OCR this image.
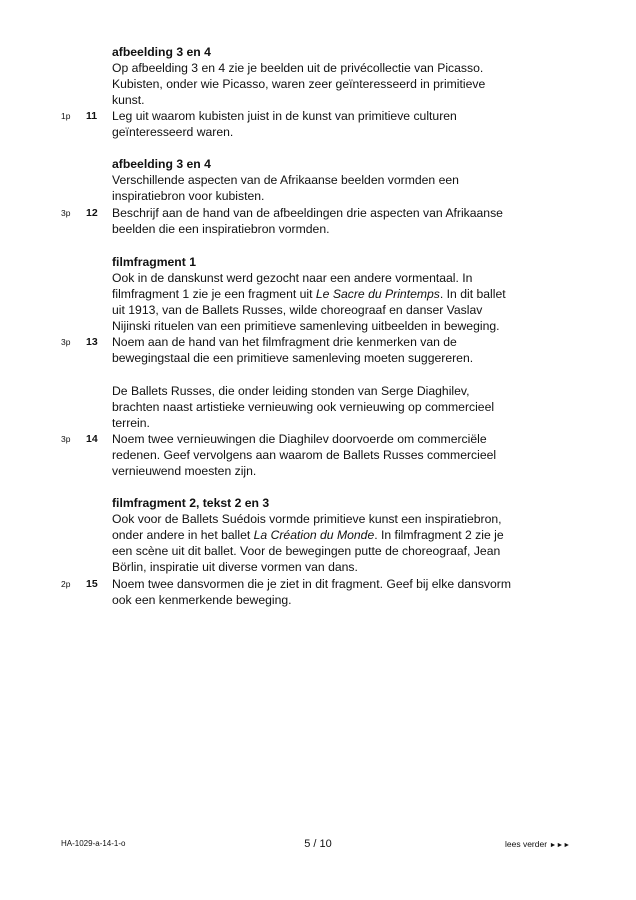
afbeelding 3 en 4
Op afbeelding 3 en 4 zie je beelden uit de privécollectie van Picasso.
Kubisten, onder wie Picasso, waren zeer geïnteresseerd in primitieve
kunst.
1p 11 Leg uit waarom kubisten juist in de kunst van primitieve culturen
geïnteresseerd waren.
afbeelding 3 en 4
Verschillende aspecten van de Afrikaanse beelden vormden een
inspiratiebron voor kubisten.
3p 12 Beschrijf aan de hand van de afbeeldingen drie aspecten van Afrikaanse
beelden die een inspiratiebron vormden.
filmfragment 1
Ook in de danskunst werd gezocht naar een andere vormentaal. In
filmfragment 1 zie je een fragment uit Le Sacre du Printemps. In dit ballet
uit 1913, van de Ballets Russes, wilde choreograaf en danser Vaslav
Nijinski rituelen van een primitieve samenleving uitbeelden in beweging.
3p 13 Noem aan de hand van het filmfragment drie kenmerken van de
bewegingstaal die een primitieve samenleving moeten suggereren.
De Ballets Russes, die onder leiding stonden van Serge Diaghilev,
brachten naast artistieke vernieuwing ook vernieuwing op commercieel
terrein.
3p 14 Noem twee vernieuwingen die Diaghilev doorvoerde om commerciële
redenen. Geef vervolgens aan waarom de Ballets Russes commercieel
vernieuwend moesten zijn.
filmfragment 2, tekst 2 en 3
Ook voor de Ballets Suédois vormde primitieve kunst een inspiratiebron,
onder andere in het ballet La Création du Monde. In filmfragment 2 zie je
een scène uit dit ballet. Voor de bewegingen putte de choreograaf, Jean
Börlin, inspiratie uit diverse vormen van dans.
2p 15 Noem twee dansvormen die je ziet in dit fragment. Geef bij elke dansvorm
ook een kenmerkende beweging.
HA-1029-a-14-1-o	5 / 10	lees verder ►►►
